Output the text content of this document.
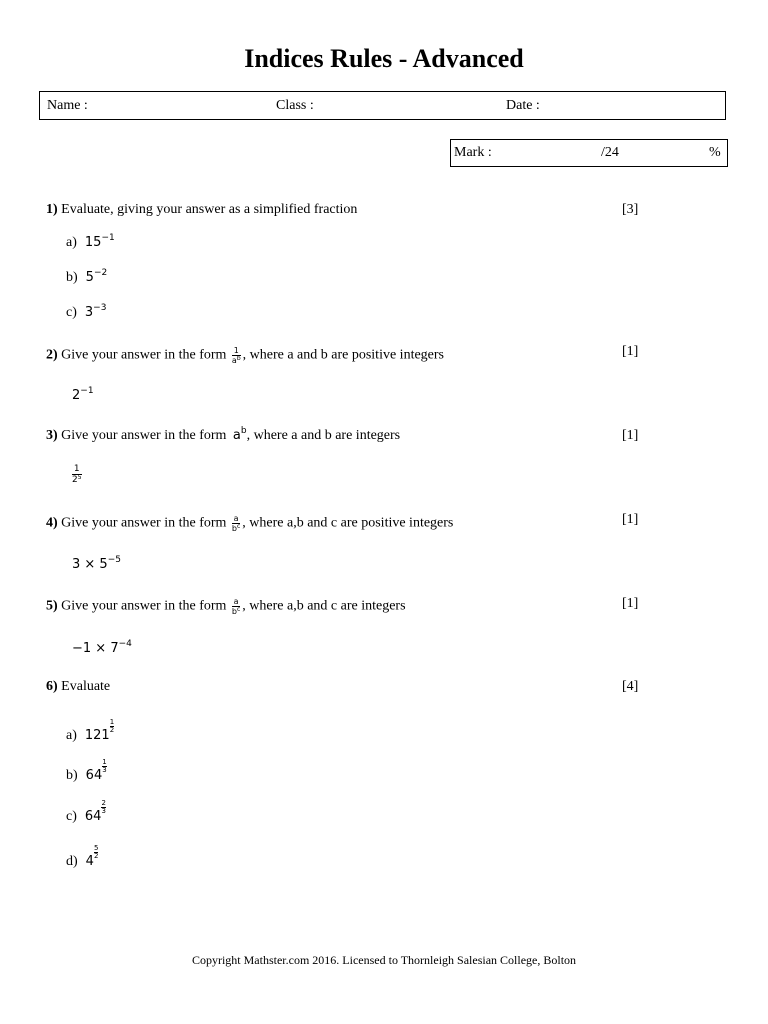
Indices Rules - Advanced
Name :	Class :	Date :
Mark :	/24	%
1) Evaluate, giving your answer as a simplified fraction	[3]
a) $15^{-1}$
b) $5^{-2}$
c) $3^{-3}$
2) Give your answer in the form $\frac{1}{a^b}$ , where a and b are positive integers	[1]
$2^{-1}$
3) Give your answer in the form $a^b$, where a and b are integers	[1]
$\frac{1}{2^5}$
4) Give your answer in the form $\frac{a}{b^c}$ , where a,b and c are positive integers	[1]
$3 \times 5^{-5}$
5) Give your answer in the form $\frac{a}{b^c}$ , where a,b and c are integers	[1]
$-1 \times 7^{-4}$
6) Evaluate	[4]
a) 121
$\frac{1}{2}$
b) 64
$\frac{1}{3}$
c) 64
$\frac{2}{3}$
d) 4
$\frac{5}{2}$
Copyright Mathster.com 2016. Licensed to Thornleigh Salesian College, Bolton
